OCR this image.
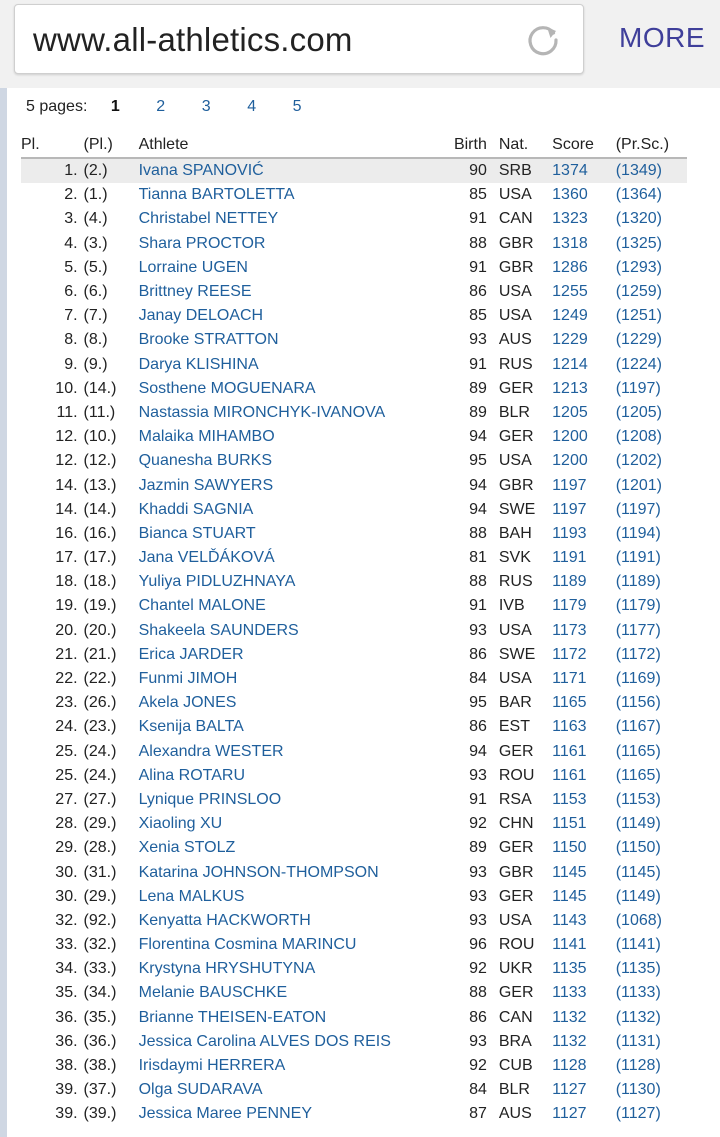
www.all-athletics.com	MORE
5 pages: 1 2 3 4 5
Pl.	(Pl.)	Athlete	Birth	Nat.	Score	(Pr.Sc.)
1.	(2.)	Ivana SPANOVIĆ	90	SRB	1374	(1349)
2.	(1.)	Tianna BARTOLETTA	85	USA	1360	(1364)
3.	(4.)	Christabel NETTEY	91	CAN	1323	(1320)
4.	(3.)	Shara PROCTOR	88	GBR	1318	(1325)
5.	(5.)	Lorraine UGEN	91	GBR	1286	(1293)
6.	(6.)	Brittney REESE	86	USA	1255	(1259)
7.	(7.)	Janay DELOACH	85	USA	1249	(1251)
8.	(8.)	Brooke STRATTON	93	AUS	1229	(1229)
9.	(9.)	Darya KLISHINA	91	RUS	1214	(1224)
10.	(14.)	Sosthene MOGUENARA	89	GER	1213	(1197)
11.	(11.)	Nastassia MIRONCHYK-IVANOVA	89	BLR	1205	(1205)
12.	(10.)	Malaika MIHAMBO	94	GER	1200	(1208)
12.	(12.)	Quanesha BURKS	95	USA	1200	(1202)
14.	(13.)	Jazmin SAWYERS	94	GBR	1197	(1201)
14.	(14.)	Khaddi SAGNIA	94	SWE	1197	(1197)
16.	(16.)	Bianca STUART	88	BAH	1193	(1194)
17.	(17.)	Jana VELĎÁKOVÁ	81	SVK	1191	(1191)
18.	(18.)	Yuliya PIDLUZHNAYA	88	RUS	1189	(1189)
19.	(19.)	Chantel MALONE	91	IVB	1179	(1179)
20.	(20.)	Shakeela SAUNDERS	93	USA	1173	(1177)
21.	(21.)	Erica JARDER	86	SWE	1172	(1172)
22.	(22.)	Funmi JIMOH	84	USA	1171	(1169)
23.	(26.)	Akela JONES	95	BAR	1165	(1156)
24.	(23.)	Ksenija BALTA	86	EST	1163	(1167)
25.	(24.)	Alexandra WESTER	94	GER	1161	(1165)
25.	(24.)	Alina ROTARU	93	ROU	1161	(1165)
27.	(27.)	Lynique PRINSLOO	91	RSA	1153	(1153)
28.	(29.)	Xiaoling XU	92	CHN	1151	(1149)
29.	(28.)	Xenia STOLZ	89	GER	1150	(1150)
30.	(31.)	Katarina JOHNSON-THOMPSON	93	GBR	1145	(1145)
30.	(29.)	Lena MALKUS	93	GER	1145	(1149)
32.	(92.)	Kenyatta HACKWORTH	93	USA	1143	(1068)
33.	(32.)	Florentina Cosmina MARINCU	96	ROU	1141	(1141)
34.	(33.)	Krystyna HRYSHUTYNA	92	UKR	1135	(1135)
35.	(34.)	Melanie BAUSCHKE	88	GER	1133	(1133)
36.	(35.)	Brianne THEISEN-EATON	86	CAN	1132	(1132)
36.	(36.)	Jessica Carolina ALVES DOS REIS	93	BRA	1132	(1131)
38.	(38.)	Irisdaymi HERRERA	92	CUB	1128	(1128)
39.	(37.)	Olga SUDARAVA	84	BLR	1127	(1130)
39.	(39.)	Jessica Maree PENNEY	87	AUS	1127	(1127)
